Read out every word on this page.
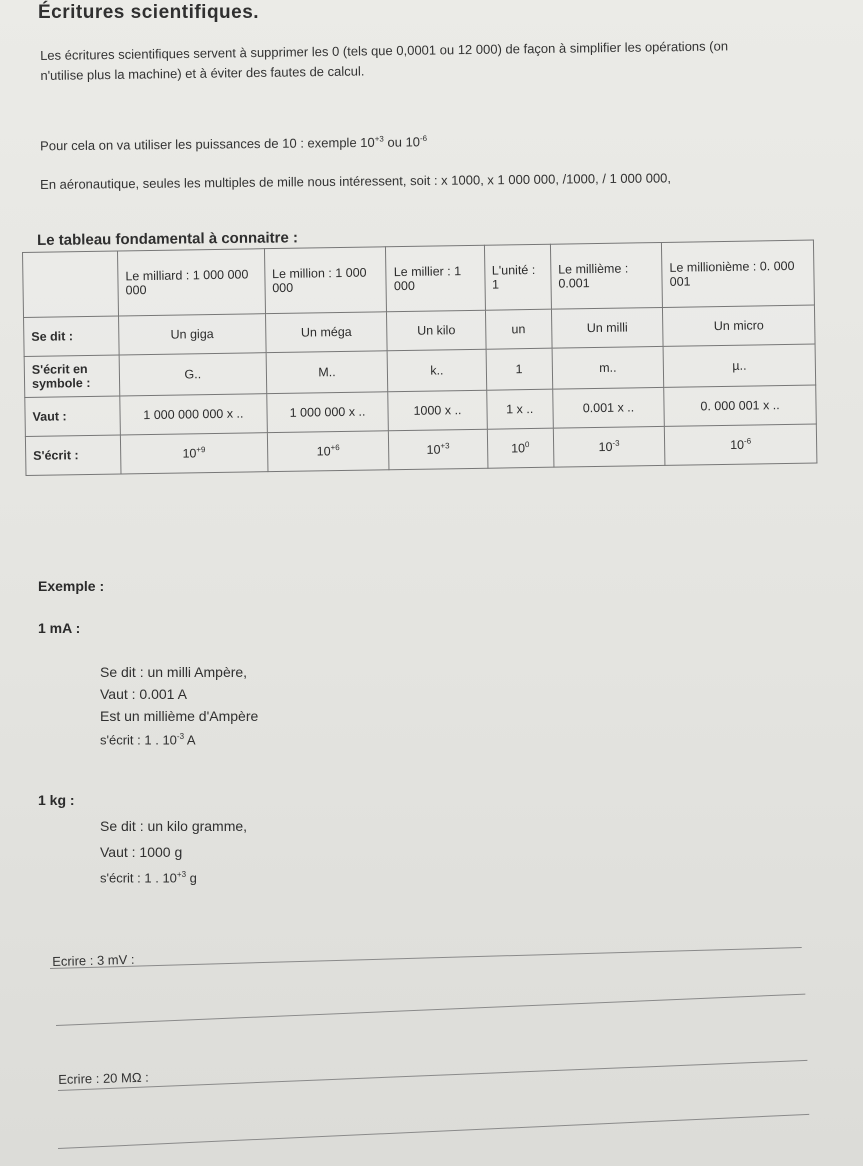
Écritures scientifiques.
Les écritures scientifiques servent à supprimer les 0 (tels que 0,0001 ou 12 000) de façon à simplifier les opérations (on n'utilise plus la machine) et à éviter des fautes de calcul.
Pour cela on va utiliser les puissances de 10 : exemple $10^{+3}$ ou $10^{-6}$
En aéronautique, seules les multiples de mille nous intéressent, soit : x 1000, x 1 000 000, /1000, / 1 000 000,
Le tableau fondamental à connaitre :
	Le milliard : 1 000 000 000	Le million : 1 000 000	Le millier : 1 000	L'unité : 1	Le millième : 0.001	Le millionième : 0. 000 001
Se dit :	Un giga	Un méga	Un kilo	un	Un milli	Un micro
S'écrit en symbole :	G..	M..	k..	1	m..	µ..
Vaut :	1 000 000 000 x ..	1 000 000 x ..	1000 x ..	1 x ..	0.001 x ..	0. 000 001 x ..
S'écrit :	$10^{+9}$	$10^{+6}$	$10^{+3}$	$10^0$	$10^{-3}$	$10^{-6}$
Exemple :
1 mA :
Se dit : un milli Ampère,
Vaut : 0.001 A
Est un millième d'Ampère
s'écrit : 1 . $10^{-3}$ A
1 kg :
Se dit : un kilo gramme,
Vaut : 1000 g
s'écrit : 1 . $10^{+3}$ g
Ecrire : 3 mV :
Ecrire : 20 MΩ :
